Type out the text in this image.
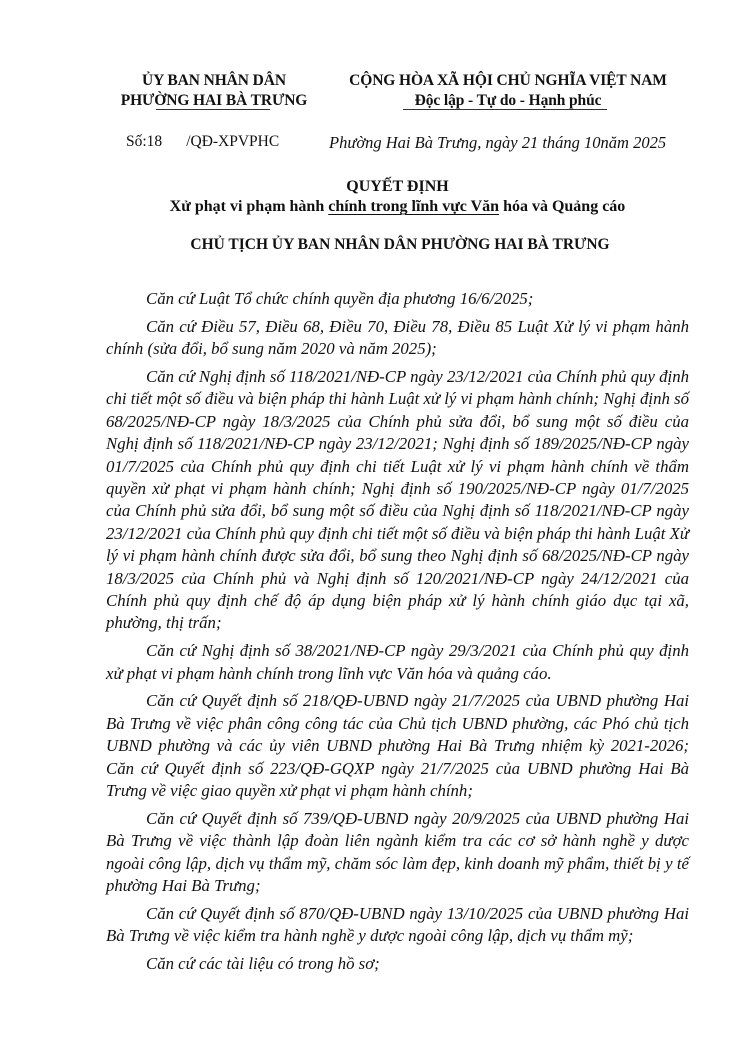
ỦY BAN NHÂN DÂN
PHƯỜNG HAI BÀ TRƯNG
CỘNG HÒA XÃ HỘI CHỦ NGHĨA VIỆT NAM
Độc lập - Tự do - Hạnh phúc
Số:18 /QĐ-XPVPHC	Phường Hai Bà Trưng, ngày 21 tháng 10năm 2025
QUYẾT ĐỊNH
Xử phạt vi phạm hành chính trong lĩnh vực Văn hóa và Quảng cáo
CHỦ TỊCH ỦY BAN NHÂN DÂN PHƯỜNG HAI BÀ TRƯNG

Căn cứ Luật Tổ chức chính quyền địa phương 16/6/2025;

Căn cứ Điều 57, Điều 68, Điều 70, Điều 78, Điều 85 Luật Xử lý vi phạm hành chính (sửa đổi, bổ sung năm 2020 và năm 2025);

Căn cứ Nghị định số 118/2021/NĐ-CP ngày 23/12/2021 của Chính phủ quy định chi tiết một số điều và biện pháp thi hành Luật xử lý vi phạm hành chính; Nghị định số 68/2025/NĐ-CP ngày 18/3/2025 của Chính phủ sửa đổi, bổ sung một số điều của Nghị định số 118/2021/NĐ-CP ngày 23/12/2021; Nghị định số 189/2025/NĐ-CP ngày 01/7/2025 của Chính phủ quy định chi tiết Luật xử lý vi phạm hành chính về thẩm quyền xử phạt vi phạm hành chính; Nghị định số 190/2025/NĐ-CP ngày 01/7/2025 của Chính phủ sửa đổi, bổ sung một số điều của Nghị định số 118/2021/NĐ-CP ngày 23/12/2021 của Chính phủ quy định chi tiết một số điều và biện pháp thi hành Luật Xử lý vi phạm hành chính được sửa đổi, bổ sung theo Nghị định số 68/2025/NĐ-CP ngày 18/3/2025 của Chính phủ và Nghị định số 120/2021/NĐ-CP ngày 24/12/2021 của Chính phủ quy định chế độ áp dụng biện pháp xử lý hành chính giáo dục tại xã, phường, thị trấn;

Căn cứ Nghị định số 38/2021/NĐ-CP ngày 29/3/2021 của Chính phủ quy định xử phạt vi phạm hành chính trong lĩnh vực Văn hóa và quảng cáo.

Căn cứ Quyết định số 218/QĐ-UBND ngày 21/7/2025 của UBND phường Hai Bà Trưng về việc phân công công tác của Chủ tịch UBND phường, các Phó chủ tịch UBND phường và các ủy viên UBND phường Hai Bà Trưng nhiệm kỳ 2021-2026; Căn cứ Quyết định số 223/QĐ-GQXP ngày 21/7/2025 của UBND phường Hai Bà Trưng về việc giao quyền xử phạt vi phạm hành chính;

Căn cứ Quyết định số 739/QĐ-UBND ngày 20/9/2025 của UBND phường Hai Bà Trưng về việc thành lập đoàn liên ngành kiểm tra các cơ sở hành nghề y dược ngoài công lập, dịch vụ thẩm mỹ, chăm sóc làm đẹp, kinh doanh mỹ phẩm, thiết bị y tế phường Hai Bà Trưng;

Căn cứ Quyết định số 870/QĐ-UBND ngày 13/10/2025 của UBND phường Hai Bà Trưng về việc kiểm tra hành nghề y dược ngoài công lập, dịch vụ thẩm mỹ;

Căn cứ các tài liệu có trong hồ sơ;
